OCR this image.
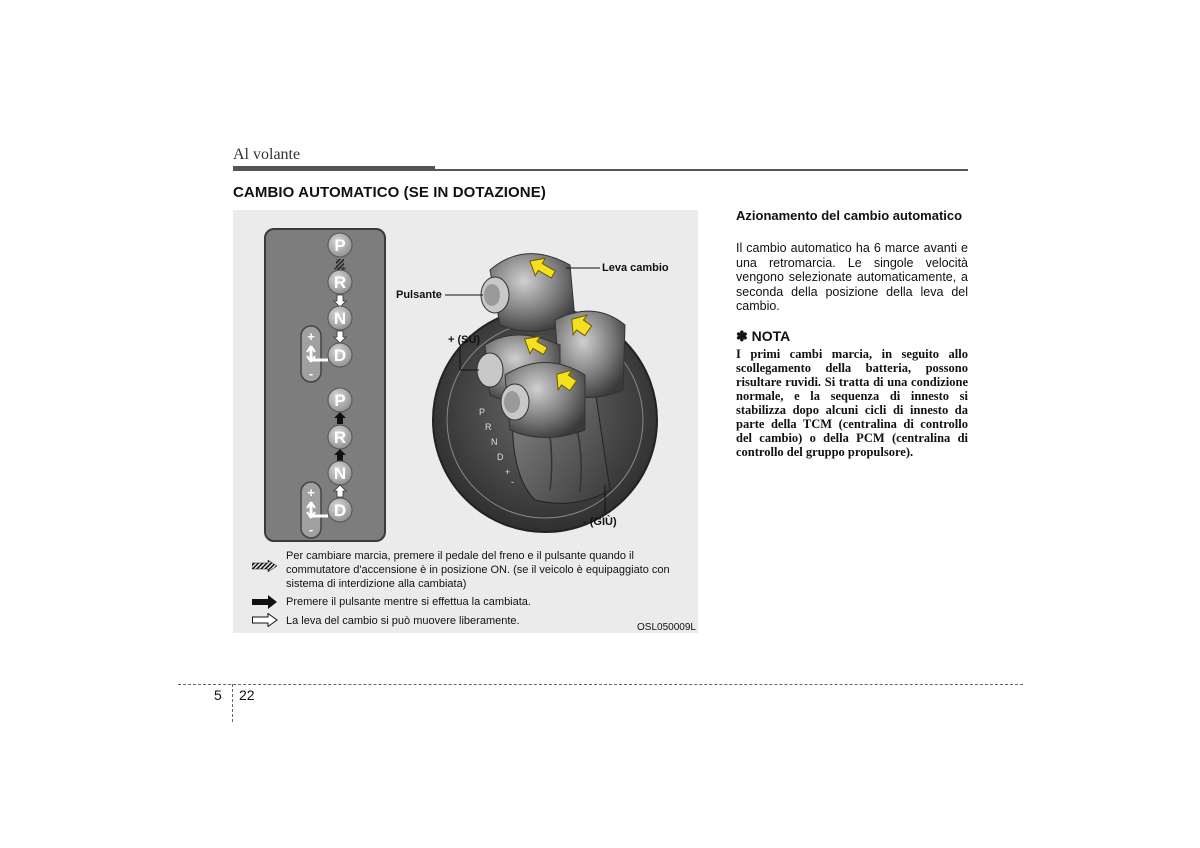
Al volante
CAMBIO AUTOMATICO (SE IN DOTAZIONE)
+
-
P
R
N
D
+
-
P
R
N
D
P
R
N
D
+
-
Leva cambio
Pulsante
+ (SU)
- (GIÙ)
Per cambiare marcia, premere il pedale del freno e il pulsante quando il commutatore d'accensione è in posizione ON. (se il veicolo è equipaggiato con sistema di interdizione alla cambiata)
Premere il pulsante mentre si effettua la cambiata.
La leva del cambio si può muovere liberamente.
OSL050009L
Azionamento del cambio automatico
Il cambio automatico ha 6 marce avanti e una retromarcia. Le singole velocità vengono selezionate automaticamente, a seconda della posizione della leva del cambio.
✽ NOTA
I primi cambi marcia, in seguito allo scollegamento della batteria, possono risultare ruvidi. Si tratta di una condizione normale, e la sequenza di innesto si stabilizza dopo alcuni cicli di innesto da parte della TCM (centralina di controllo del cambio) o della PCM (centralina di controllo del gruppo propulsore).
5 22
